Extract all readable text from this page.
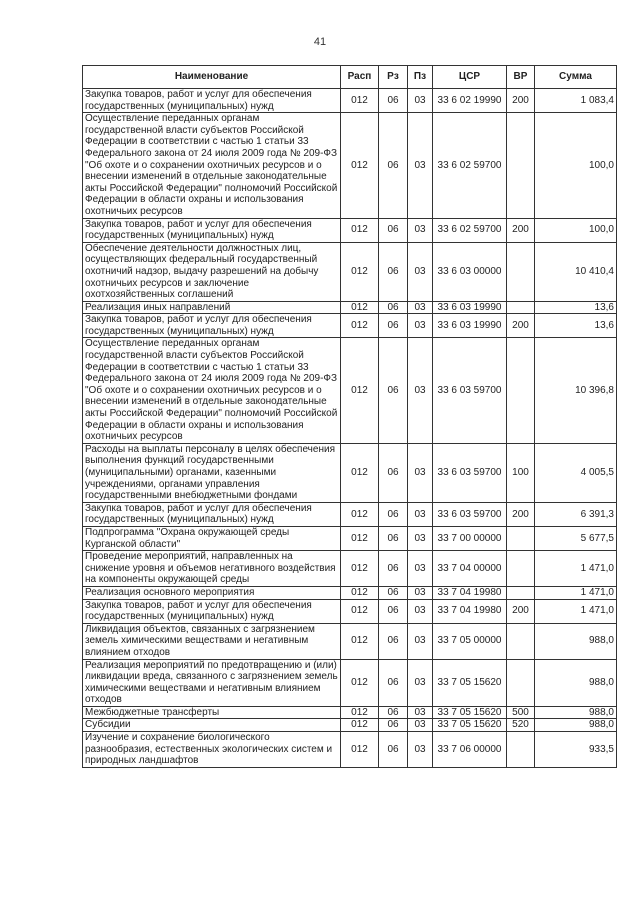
41
Наименование	Расп	Рз	Пз	ЦСР	ВР	Сумма
Закупка товаров, работ и услуг для обеспечения государственных (муниципальных) нужд	012	06	03	33 6 02 19990	200	1 083,4
Осуществление переданных органам государственной власти субъектов Российской Федерации в соответствии с частью 1 статьи 33 Федерального закона от 24 июля 2009 года № 209-ФЗ "Об охоте и о сохранении охотничьих ресурсов и о внесении изменений в отдельные законодательные акты Российской Федерации" полномочий Российской Федерации в области охраны и использования охотничьих ресурсов	012	06	03	33 6 02 59700		100,0
Закупка товаров, работ и услуг для обеспечения государственных (муниципальных) нужд	012	06	03	33 6 02 59700	200	100,0
Обеспечение деятельности должностных лиц, осуществляющих федеральный государственный охотничий надзор, выдачу разрешений на добычу охотничьих ресурсов и заключение охотхозяйственных соглашений	012	06	03	33 6 03 00000		10 410,4
Реализация иных направлений	012	06	03	33 6 03 19990		13,6
Закупка товаров, работ и услуг для обеспечения государственных (муниципальных) нужд	012	06	03	33 6 03 19990	200	13,6
Осуществление переданных органам государственной власти субъектов Российской Федерации в соответствии с частью 1 статьи 33 Федерального закона от 24 июля 2009 года № 209-ФЗ "Об охоте и о сохранении охотничьих ресурсов и о внесении изменений в отдельные законодательные акты Российской Федерации" полномочий Российской Федерации в области охраны и использования охотничьих ресурсов	012	06	03	33 6 03 59700		10 396,8
Расходы на выплаты персоналу в целях обеспечения выполнения функций государственными (муниципальными) органами, казенными учреждениями, органами управления государственными внебюджетными фондами	012	06	03	33 6 03 59700	100	4 005,5
Закупка товаров, работ и услуг для обеспечения государственных (муниципальных) нужд	012	06	03	33 6 03 59700	200	6 391,3
Подпрограмма "Охрана окружающей среды Курганской области"	012	06	03	33 7 00 00000		5 677,5
Проведение мероприятий, направленных на снижение уровня и объемов негативного воздействия на компоненты окружающей среды	012	06	03	33 7 04 00000		1 471,0
Реализация основного мероприятия	012	06	03	33 7 04 19980		1 471,0
Закупка товаров, работ и услуг для обеспечения государственных (муниципальных) нужд	012	06	03	33 7 04 19980	200	1 471,0
Ликвидация объектов, связанных с загрязнением земель химическими веществами и негативным влиянием отходов	012	06	03	33 7 05 00000		988,0
Реализация мероприятий по предотвращению и (или) ликвидации вреда, связанного с загрязнением земель химическими веществами и негативным влиянием отходов	012	06	03	33 7 05 15620		988,0
Межбюджетные трансферты	012	06	03	33 7 05 15620	500	988,0
Субсидии	012	06	03	33 7 05 15620	520	988,0
Изучение и сохранение биологического разнообразия, естественных экологических систем и природных ландшафтов	012	06	03	33 7 06 00000		933,5
